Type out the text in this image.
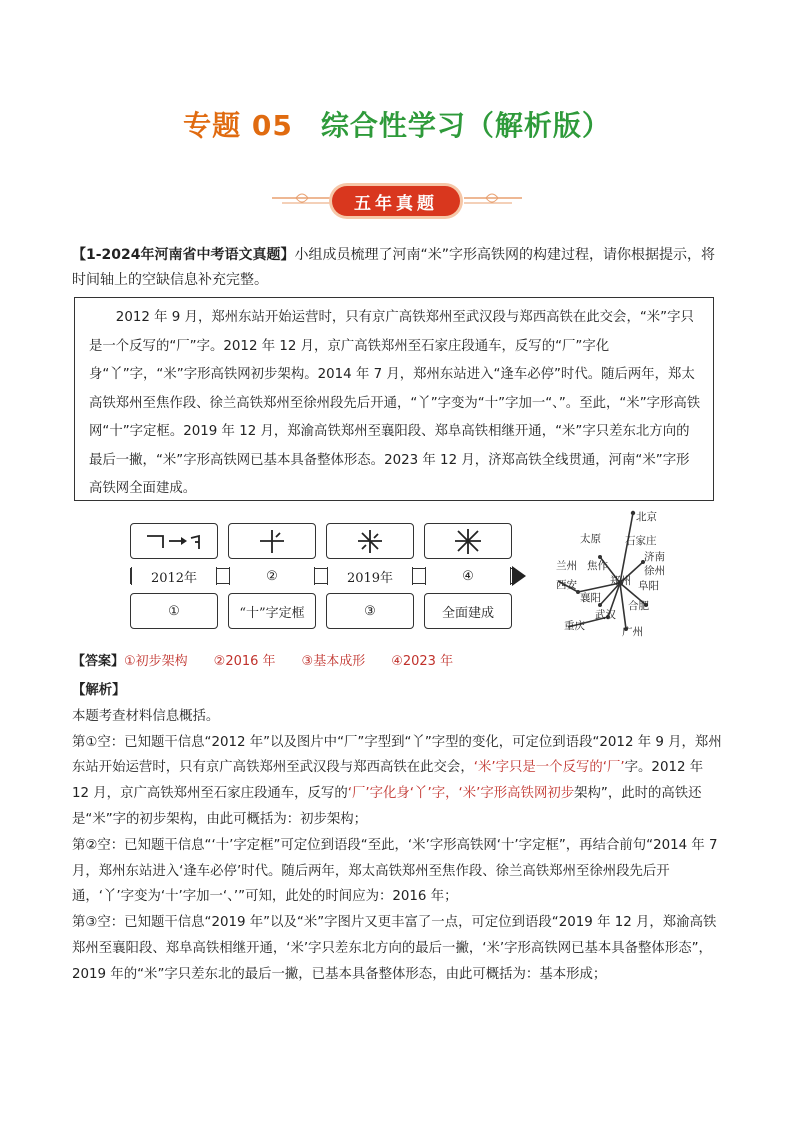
专题 05 综合性学习（解析版）
五年真题
【1-2024年河南省中考语文真题】小组成员梳理了河南“米”字形高铁网的构建过程，请你根据提示，将时间轴上的空缺信息补充完整。
2012 年 9 月，郑州东站开始运营时，只有京广高铁郑州至武汉段与郑西高铁在此交会，“米”字只是一个反写的“厂”字。2012 年 12 月，京广高铁郑州至石家庄段通车，反写的“厂”字化身“丫”字，“米”字形高铁网初步架构。2014 年 7 月，郑州东站进入“逢车必停”时代。随后两年，郑太高铁郑州至焦作段、徐兰高铁郑州至徐州段先后开通，“丫”字变为“十”字加一“、”。至此，“米”字形高铁网“十”字定框。2019 年 12 月，郑渝高铁郑州至襄阳段、郑阜高铁相继开通，“米”字只差东北方向的最后一撇，“米”字形高铁网已基本具备整体形态。2023 年 12 月，济郑高铁全线贯通，河南“米”字形高铁网全面建成。
2012年	②	2019年	④
①	“十”字定框	③	全面建成
北京
太原 石家庄
济南
兰州 焦作	徐州
西安	郑州 阜阳
襄阳
合肥
武汉
重庆	广州
【答案】①初步架构 ②2016 年 ③基本成形 ④2023 年
【解析】
本题考查材料信息概括。
第①空：已知题干信息“2012 年”以及图片中“厂”字型到“丫”字型的变化，可定位到语段“2012 年 9 月，郑州东站开始运营时，只有京广高铁郑州至武汉段与郑西高铁在此交会，‘米’字只是一个反写的‘厂’字。2012 年 12 月，京广高铁郑州至石家庄段通车，反写的‘厂’字化身‘丫’字，‘米’字形高铁网初步架构”，此时的高铁还是“米”字的初步架构，由此可概括为：初步架构；
第②空：已知题干信息“‘十’字定框”可定位到语段“至此，‘米’字形高铁网‘十’字定框”，再结合前句“2014 年 7 月，郑州东站进入‘逢车必停’时代。随后两年，郑太高铁郑州至焦作段、徐兰高铁郑州至徐州段先后开通，‘丫’字变为‘十’字加一‘、’”可知，此处的时间应为：2016 年；
第③空：已知题干信息“2019 年”以及“米”字图片又更丰富了一点，可定位到语段“2019 年 12 月，郑渝高铁郑州至襄阳段、郑阜高铁相继开通，‘米’字只差东北方向的最后一撇，‘米’字形高铁网已基本具备整体形态”，2019 年的“米”字只差东北的最后一撇，已基本具备整体形态，由此可概括为：基本形成；
